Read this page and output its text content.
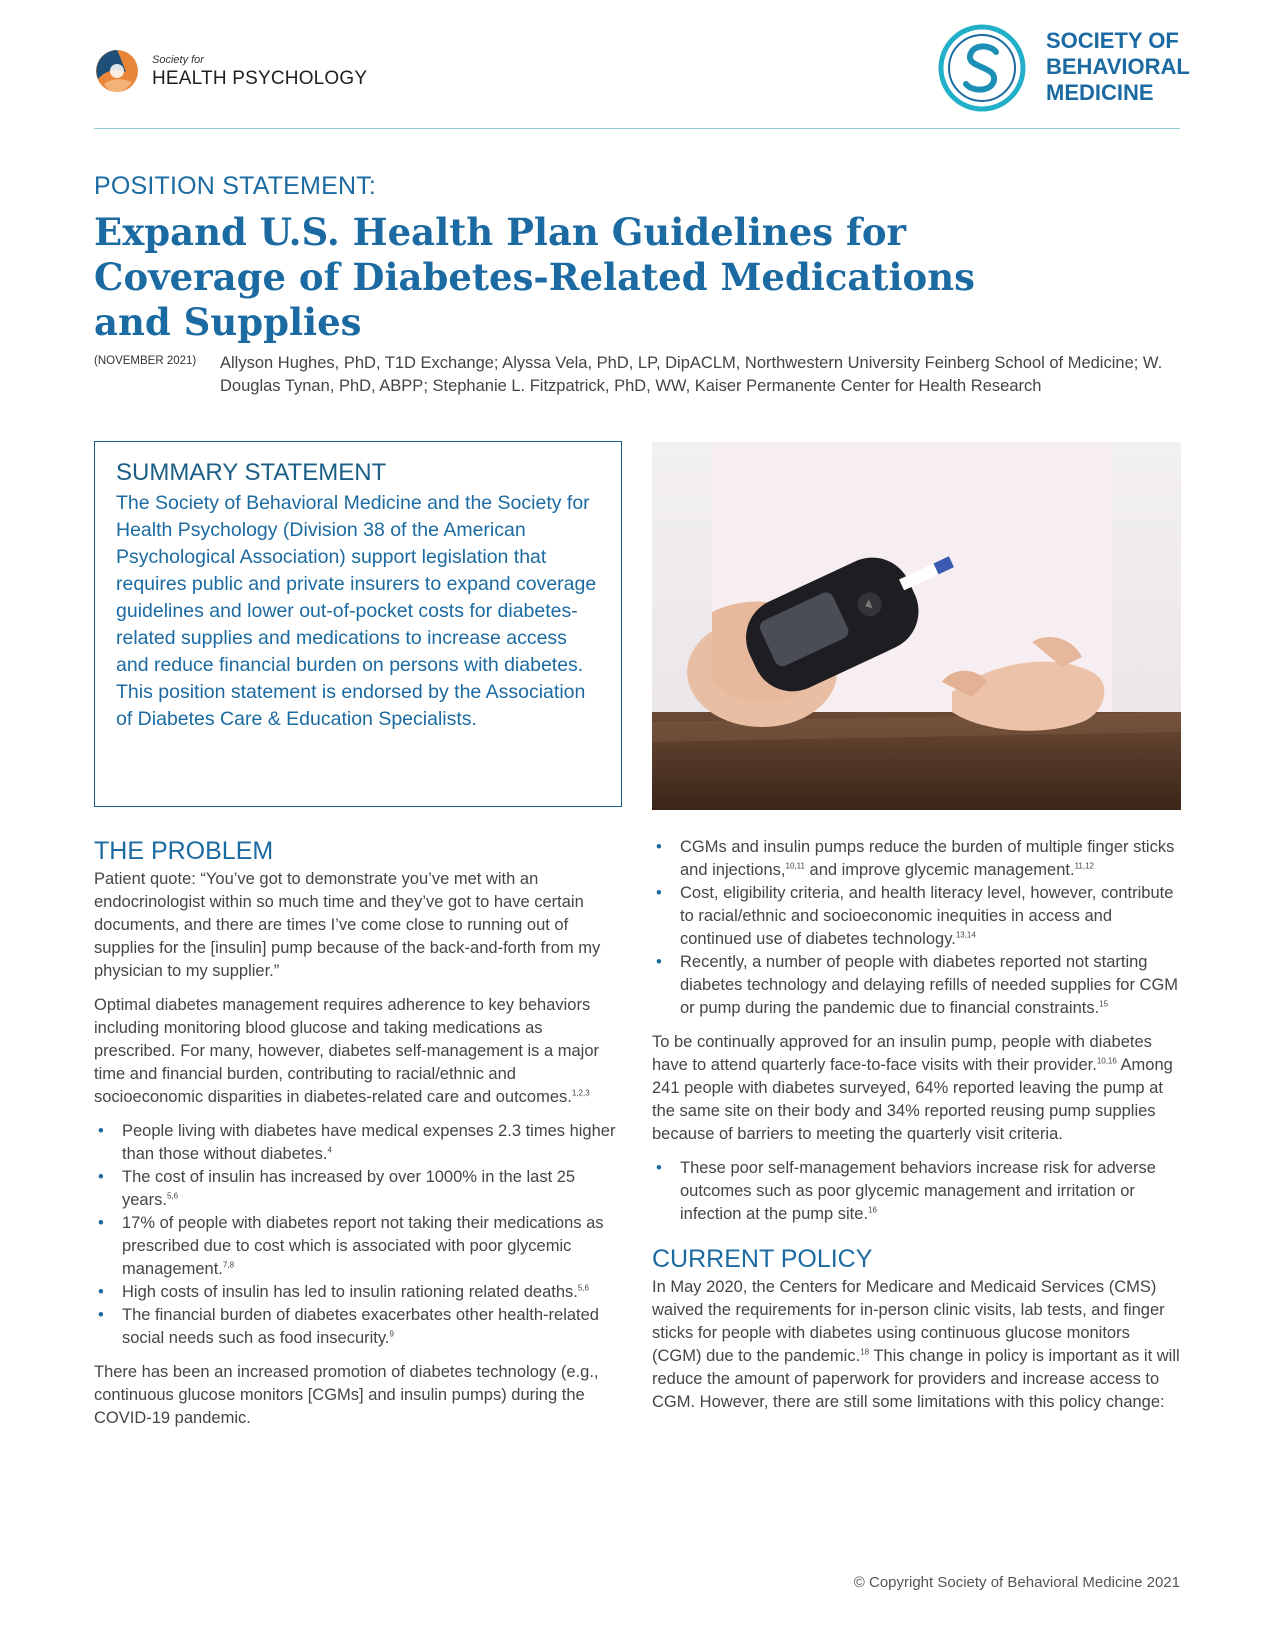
Society for
HEALTH PSYCHOLOGY
SOCIETY OF
BEHAVIORAL
MEDICINE
POSITION STATEMENT:
Expand U.S. Health Plan Guidelines for
Coverage of Diabetes-Related Medications
and Supplies
(NOVEMBER 2021) Allyson Hughes, PhD, T1D Exchange; Alyssa Vela, PhD, LP, DipACLM, Northwestern University Feinberg School of Medicine; W. Douglas Tynan, PhD, ABPP; Stephanie L. Fitzpatrick, PhD, WW, Kaiser Permanente Center for Health Research
SUMMARY STATEMENT
The Society of Behavioral Medicine and the Society for Health Psychology (Division 38 of the American Psychological Association) support legislation that requires public and private insurers to expand coverage guidelines and lower out-of-pocket costs for diabetes-related supplies and medications to increase access and reduce financial burden on persons with diabetes. This position statement is endorsed by the Association of Diabetes Care & Education Specialists.
THE PROBLEM

Patient quote: “You’ve got to demonstrate you’ve met with an endocrinologist within so much time and they’ve got to have certain documents, and there are times I’ve come close to running out of supplies for the [insulin] pump because of the back-and-forth from my physician to my supplier.”

Optimal diabetes management requires adherence to key behaviors including monitoring blood glucose and taking medications as prescribed. For many, however, diabetes self-management is a major time and financial burden, contributing to racial/ethnic and socioeconomic disparities in diabetes-related care and outcomes.$^{1,2,3}$

• People living with diabetes have medical expenses 2.3 times higher than those without diabetes.$^4$
• The cost of insulin has increased by over 1000% in the last 25 years.$^{5,6}$
• 17% of people with diabetes report not taking their medications as prescribed due to cost which is associated with poor glycemic management.$^{7,8}$
• High costs of insulin has led to insulin rationing related deaths.$^{5,6}$
• The financial burden of diabetes exacerbates other health-related social needs such as food insecurity.$^9$

There has been an increased promotion of diabetes technology (e.g., continuous glucose monitors [CGMs] and insulin pumps) during the COVID-19 pandemic.

• CGMs and insulin pumps reduce the burden of multiple finger sticks and injections,$^{10,11}$ and improve glycemic management.$^{11,12}$
• Cost, eligibility criteria, and health literacy level, however, contribute to racial/ethnic and socioeconomic inequities in access and continued use of diabetes technology.$^{13,14}$
• Recently, a number of people with diabetes reported not starting diabetes technology and delaying refills of needed supplies for CGM or pump during the pandemic due to financial constraints.$^{15}$

To be continually approved for an insulin pump, people with diabetes have to attend quarterly face-to-face visits with their provider.$^{10,16}$ Among 241 people with diabetes surveyed, 64% reported leaving the pump at the same site on their body and 34% reported reusing pump supplies because of barriers to meeting the quarterly visit criteria.

• These poor self-management behaviors increase risk for adverse outcomes such as poor glycemic management and irritation or infection at the pump site.$^{16}$
CURRENT POLICY

In May 2020, the Centers for Medicare and Medicaid Services (CMS) waived the requirements for in-person clinic visits, lab tests, and finger sticks for people with diabetes using continuous glucose monitors (CGM) due to the pandemic.$^{18}$ This change in policy is important as it will reduce the amount of paperwork for providers and increase access to CGM. However, there are still some limitations with this policy change:

© Copyright Society of Behavioral Medicine 2021
